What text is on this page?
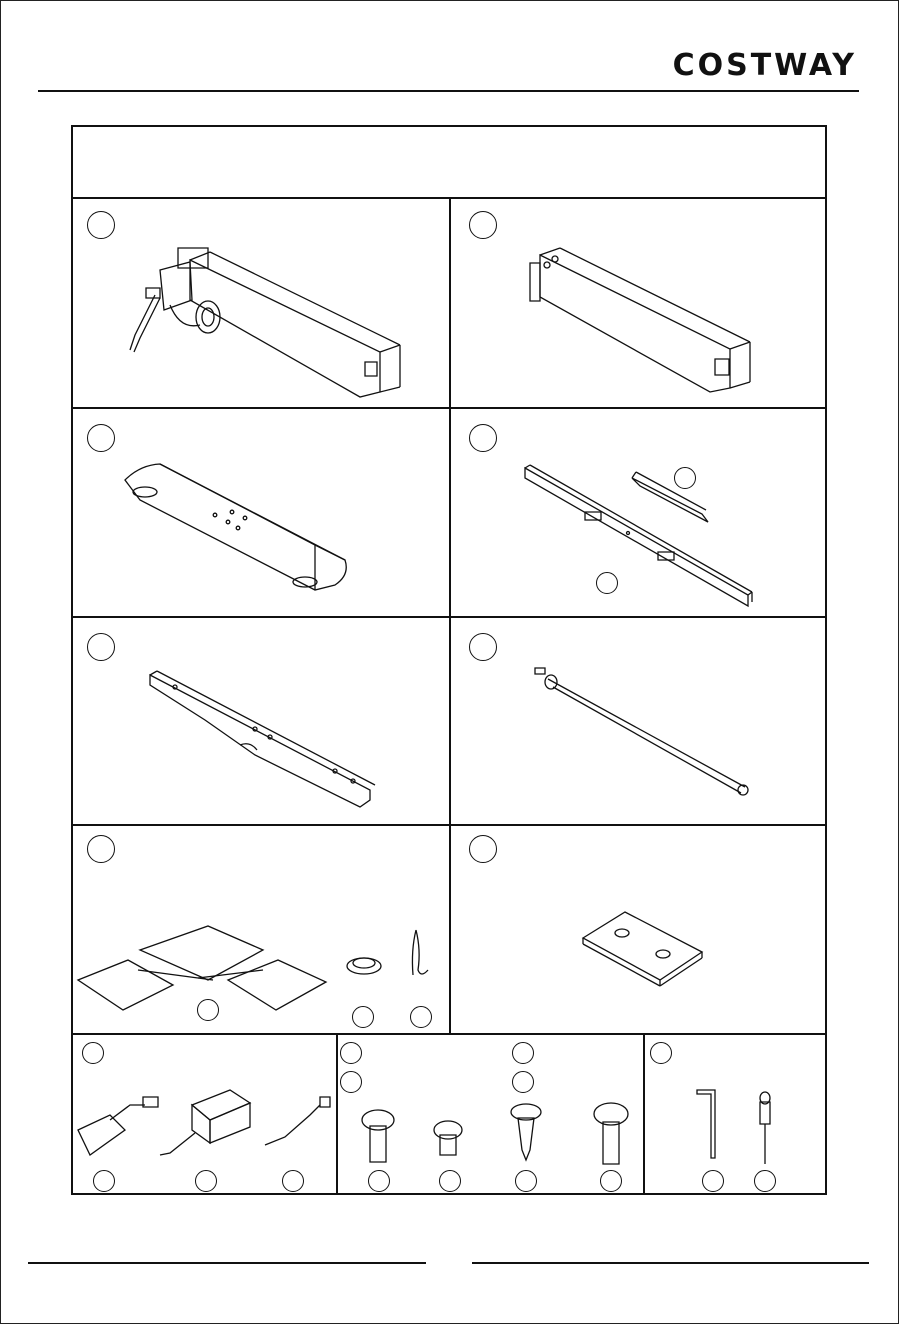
COSTWAY
